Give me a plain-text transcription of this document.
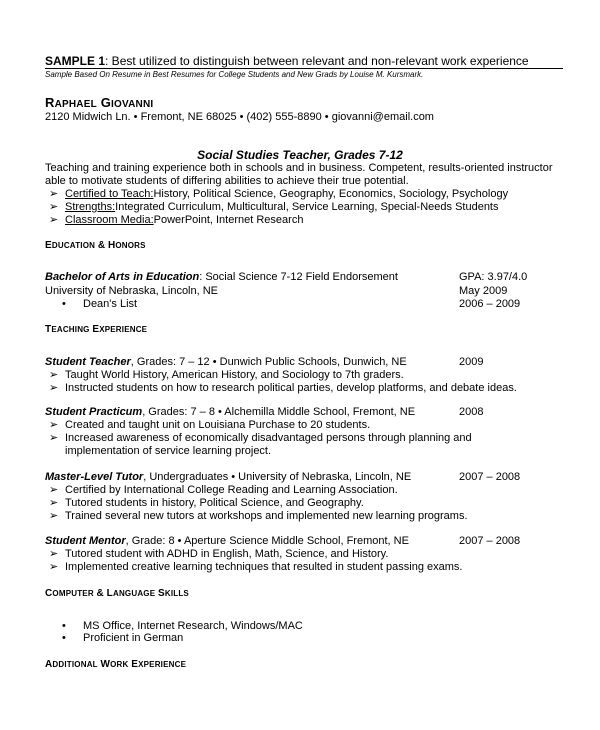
SAMPLE 1: Best utilized to distinguish between relevant and non-relevant work experience
Sample Based On Resume in Best Resumes for College Students and New Grads by Louise M. Kursmark.
RAPHAEL GIOVANNI
2120 Midwich Ln. • Fremont, NE 68025 • (402) 555-8890 • giovanni@email.com
Social Studies Teacher, Grades 7-12
Teaching and training experience both in schools and in business. Competent, results-oriented instructor able to motivate students of differing abilities to achieve their true potential.
➢ Certified to Teach: History, Political Science, Geography, Economics, Sociology, Psychology
➢ Strengths: Integrated Curriculum, Multicultural, Service Learning, Special-Needs Students
➢ Classroom Media: PowerPoint, Internet Research
EDUCATION & HONORS
Bachelor of Arts in Education: Social Science 7-12 Field Endorsement	GPA: 3.97/4.0
University of Nebraska, Lincoln, NE	May 2009
• Dean's List	2006 – 2009
TEACHING EXPERIENCE
Student Teacher, Grades: 7 – 12 • Dunwich Public Schools, Dunwich, NE	2009
➢ Taught World History, American History, and Sociology to 7th graders.
➢ Instructed students on how to research political parties, develop platforms, and debate ideas.
Student Practicum, Grades: 7 – 8 • Alchemilla Middle School, Fremont, NE	2008
➢ Created and taught unit on Louisiana Purchase to 20 students.
➢ Increased awareness of economically disadvantaged persons through planning and implementation of service learning project.
Master-Level Tutor, Undergraduates • University of Nebraska, Lincoln, NE	2007 – 2008
➢ Certified by International College Reading and Learning Association.
➢ Tutored students in history, Political Science, and Geography.
➢ Trained several new tutors at workshops and implemented new learning programs.
Student Mentor, Grade: 8 • Aperture Science Middle School, Fremont, NE	2007 – 2008
➢ Tutored student with ADHD in English, Math, Science, and History.
➢ Implemented creative learning techniques that resulted in student passing exams.
COMPUTER & LANGUAGE SKILLS
• MS Office, Internet Research, Windows/MAC
• Proficient in German
ADDITIONAL WORK EXPERIENCE
